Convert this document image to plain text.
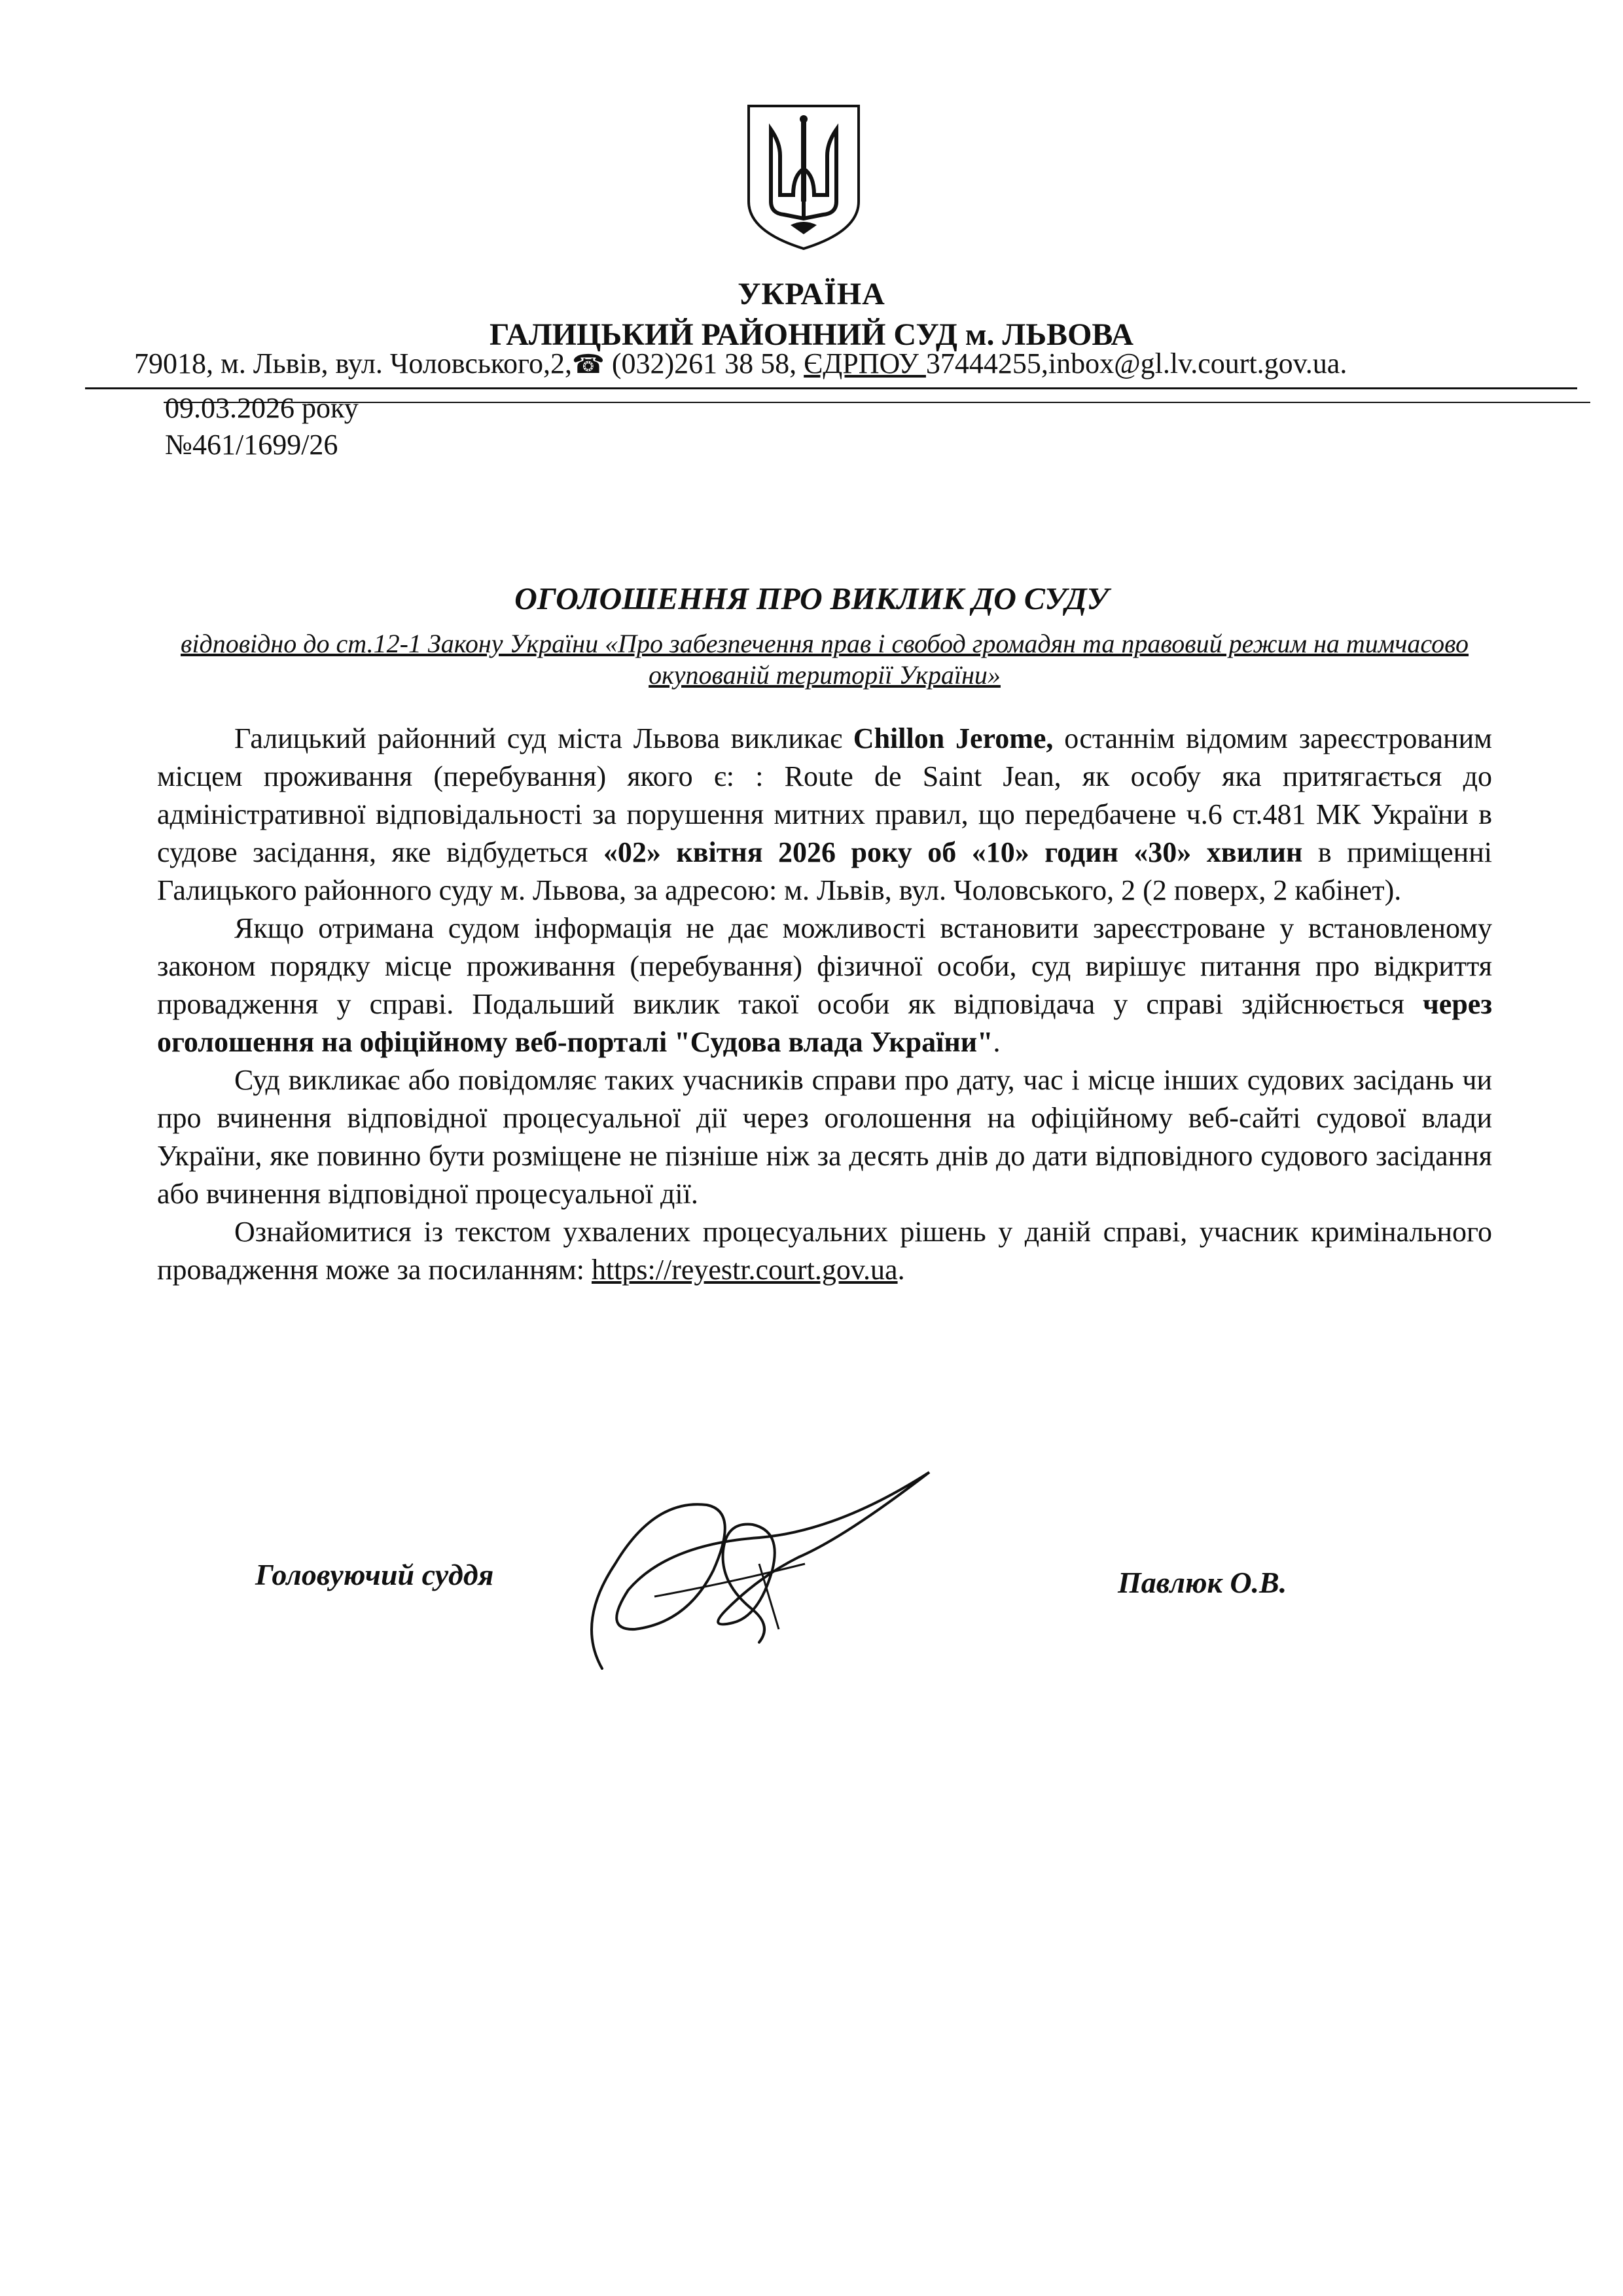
УКРАЇНА
ГАЛИЦЬКИЙ РАЙОННИЙ СУД м. ЛЬВОВА
79018, м. Львів, вул. Чоловського,2,☎ (032)261 38 58, ЄДРПОУ 37444255,inbox@gl.lv.court.gov.ua.
09.03.2026 року
№461/1699/26
ОГОЛОШЕННЯ ПРО ВИКЛИК ДО СУДУ
відповідно до ст.12-1 Закону України «Про забезпечення прав і свобод громадян та правовий режим на тимчасово окупованій території України»

Галицький районний суд міста Львова викликає Chillon Jerome, останнім відомим зареєстрованим місцем проживання (перебування) якого є: : Route de Saint Jean, як особу яка притягається до адміністративної відповідальності за порушення митних правил, що передбачене ч.6 ст.481 МК України в судове засідання, яке відбудеться «02» квітня 2026 року об «10» годин «30» хвилин в приміщенні Галицького районного суду м. Львова, за адресою: м. Львів, вул. Чоловського, 2 (2 поверх, 2 кабінет).

Якщо отримана судом інформація не дає можливості встановити зареєстроване у встановленому законом порядку місце проживання (перебування) фізичної особи, суд вирішує питання про відкриття провадження у справі. Подальший виклик такої особи як відповідача у справі здійснюється через оголошення на офіційному веб-порталі "Судова влада України".

Суд викликає або повідомляє таких учасників справи про дату, час і місце інших судових засідань чи про вчинення відповідної процесуальної дії через оголошення на офіційному веб-сайті судової влади України, яке повинно бути розміщене не пізніше ніж за десять днів до дати відповідного судового засідання або вчинення відповідної процесуальної дії.

Ознайомитися із текстом ухвалених процесуальних рішень у даній справі, учасник кримінального провадження може за посиланням: https://reyestr.court.gov.ua.

Головуючий суддя	Павлюк О.В.
